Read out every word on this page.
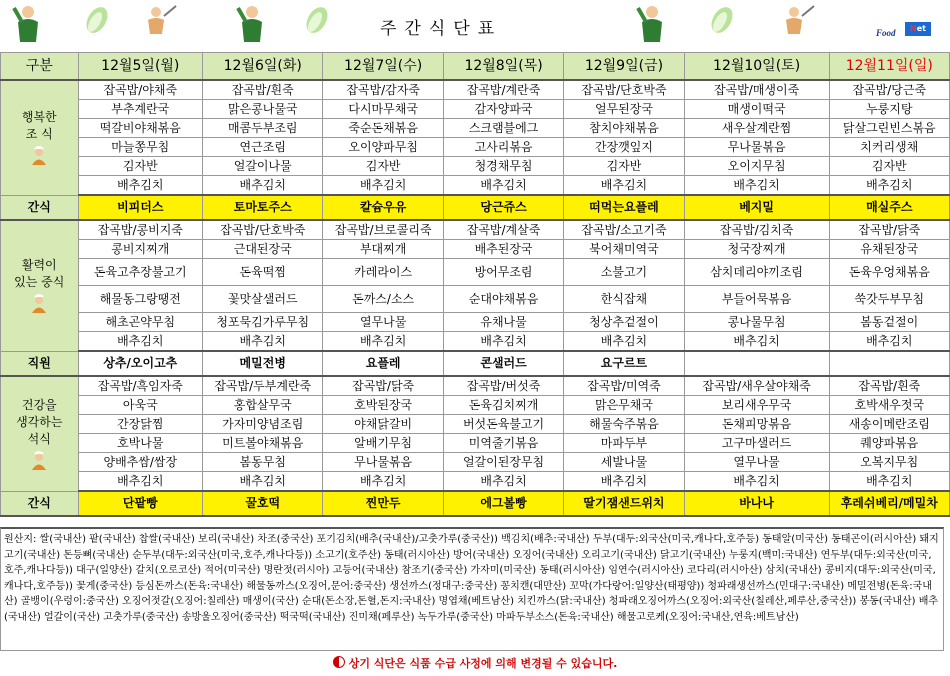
주간식단표	Food	Net
구분	12월5일(월)	12월6일(화)	12월7일(수)	12월8일(목)	12월9일(금)	12월10일(토)	12월11일(일)
행복한
조 식	잡곡밥/야채죽	잡곡밥/흰죽	잡곡밥/감자죽	잡곡밥/계란죽	잡곡밥/단호박죽	잡곡밥/매생이죽	잡곡밥/당근죽
	부추계란국	맑은콩나물국	다시마무채국	감자양파국	얼무된장국	매생이떡국	누룽지탕
	떡갈비야채볶음	매콤두부조림	죽순돈채볶음	스크램블에그	참치야채볶음	새우살계란찜	닭살그린빈스볶음
	마늘쫑무침	연근조림	오이양파무침	고사리볶음	간장깻잎지	무나물볶음	치커리생채
	김자반	얼갈이나물	김자반	청경채무침	김자반	오이지무침	김자반
	배추김치	배추김치	배추김치	배추김치	배추김치	배추김치	배추김치
간식	비피더스	토마토주스	칼슘우유	당근쥬스	떠먹는요플레	베지밀	매실주스
활력이
있는 중식	잡곡밥/콩비지죽	잡곡밥/단호박죽	잡곡밥/브로콜리죽	잡곡밥/계살죽	잡곡밥/소고기죽	잡곡밥/김치죽	잡곡밥/닭죽
	콩비지찌개	근대된장국	부대찌개	배추된장국	북어채미역국	청국장찌개	유채된장국
	돈육고추장불고기	돈육떡찜	카레라이스	방어무조림	소불고기	삼치데리야끼조림	돈육우엉채볶음
	해물동그랑땡전	꽃맛살샐러드	돈까스/소스	순대야채볶음	한식잡채	부들어묵볶음	쑥갓두부무침
	해초곤약무침	청포묵김가루무침	열무나물	유채나물	청상추겉절이	콩나물무침	봄동겉절이
	배추김치	배추김치	배추김치	배추김치	배추김치	배추김치	배추김치
직원	상추/오이고추	메밀전병	요플레	콘샐러드	요구르트		
건강을
생각하는
석식	잡곡밥/흑임자죽	잡곡밥/두부계란죽	잡곡밥/닭죽	잡곡밥/버섯죽	잡곡밥/미역죽	잡곡밥/새우살야채죽	잡곡밥/흰죽
	아욱국	홍합살무국	호박된장국	돈육김치찌개	맑은무채국	보리새우무국	호박새우젓국
	간장닭찜	가자미양념조림	야채닭갈비	버섯돈육불고기	해물숙주볶음	돈채피망볶음	새송이메란조림
	호박나물	미트볼야채볶음	알배기무침	미역줄기볶음	마파두부	고구마샐러드	퀘양파볶음
	양배추쌈/쌈장	봄동무침	무나물볶음	얼갈이된장무침	세발나물	열무나물	오복지무침
	배추김치	배추김치	배추김치	배추김치	배추김치	배추김치	배추김치
간식	단팥빵	꿀호떡	찐만두	에그볼빵	딸기잼샌드위치	바나나	후레쉬베리/메밀차
원산지: 쌀(국내산) 팥(국내산) 찹쌀(국내산) 보리(국내산) 차조(중국산) 포기김치(배추(국내산)/고춧가루(중국산)) 백김치(배추:국내산) 두부(대두:외국산(미국,캐나다,호주등) 동태알(미국산) 동태곤이(러시아산) 돼지고기(국내산) 돈등뼈(국내산) 순두부(대두:외국산(미국,호주,캐나다등)) 소고기(호주산) 동태(러시아산) 방어(국내산) 오징어(국내산) 오리고기(국내산) 닭고기(국내산) 누룽지(백미:국내산) 연두부(대두:외국산(미국,호주,캐나다등)) 대구(일양산) 갈치(오로코산) 적어(미국산) 명란젓(러시아) 고등어(국내산) 참조기(중국산) 가자미(미국산) 동태(러시아산) 임연수(러시아산) 코다리(러시아산) 삼치(국내산) 콩비지(대두:외국산(미국,캐나다,호주등)) 꽃게(중국산) 등심돈까스(돈육:국내산) 해물동까스(오징어,문어:중국산) 생선까스(정대구:중국산) 꽁치캔(대만산) 꼬막(가다랑어:일양산(태평양)) 청파래생선까스(민대구:국내산) 메밀전병(돈육:국내산) 골뱅이(우렁이:중국산) 오징어젓갈(오징어:칠레산) 매생이(국산) 순대(돈소장,돈혈,돈지:국내산) 명엽채(베트남산) 치킨까스(닭:국내산) 청파래오징어까스(오징어:외국산(칠레산,페루산,중국산)) 봉동(국내산) 배추(국내산) 얼갈이(국산) 고춧가루(중국산) 송방울오징어(중국산) 떡국떡(국내산) 진미채(페루산) 녹두가루(중국산) 마파두부소스(돈육:국내산) 해물고로케(오징어:국내산,연육:베트남산)
상기 식단은 식품 수급 사정에 의해 변경될 수 있습니다.
